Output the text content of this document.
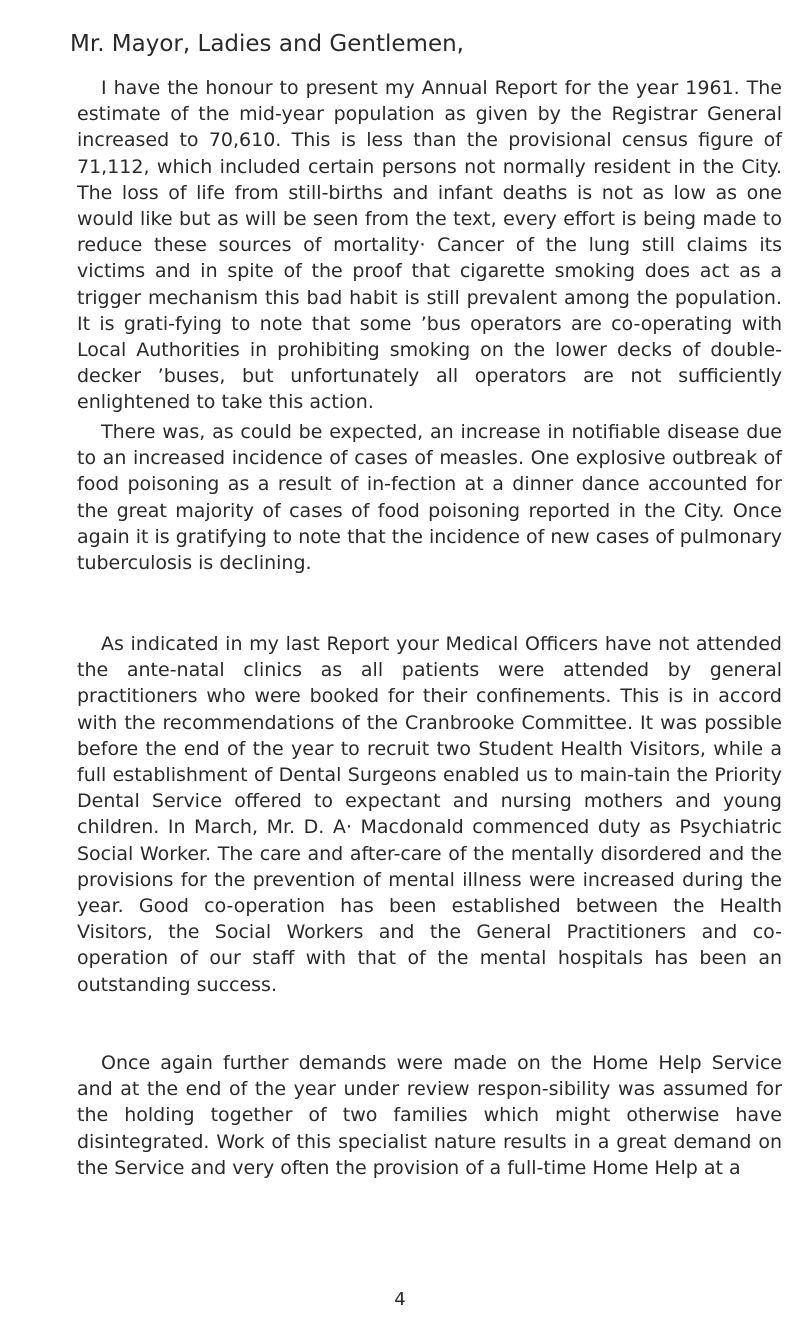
Mr. Mayor, Ladies and Gentlemen,

I have the honour to present my Annual Report for the year 1961. The estimate of the mid-year population as given by the Registrar General increased to 70,610. This is less than the provisional census figure of 71,112, which included certain persons not normally resident in the City. The loss of life from still-births and infant deaths is not as low as one would like but as will be seen from the text, every effort is being made to reduce these sources of mortality· Cancer of the lung still claims its victims and in spite of the proof that cigarette smoking does act as a trigger mechanism this bad habit is still prevalent among the population. It is grati-fying to note that some ’bus operators are co-operating with Local Authorities in prohibiting smoking on the lower decks of double-decker ’buses, but unfortunately all operators are not sufficiently enlightened to take this action.

There was, as could be expected, an increase in notifiable disease due to an increased incidence of cases of measles. One explosive outbreak of food poisoning as a result of in-fection at a dinner dance accounted for the great majority of cases of food poisoning reported in the City. Once again it is gratifying to note that the incidence of new cases of pulmonary tuberculosis is declining.

As indicated in my last Report your Medical Officers have not attended the ante-natal clinics as all patients were attended by general practitioners who were booked for their confinements. This is in accord with the recommendations of the Cranbrooke Committee. It was possible before the end of the year to recruit two Student Health Visitors, while a full establishment of Dental Surgeons enabled us to main-tain the Priority Dental Service offered to expectant and nursing mothers and young children. In March, Mr. D. A· Macdonald commenced duty as Psychiatric Social Worker. The care and after-care of the mentally disordered and the provisions for the prevention of mental illness were increased during the year. Good co-operation has been established between the Health Visitors, the Social Workers and the General Practitioners and co-operation of our staff with that of the mental hospitals has been an outstanding success.

Once again further demands were made on the Home Help Service and at the end of the year under review respon-sibility was assumed for the holding together of two families which might otherwise have disintegrated. Work of this specialist nature results in a great demand on the Service and very often the provision of a full-time Home Help at a

4
